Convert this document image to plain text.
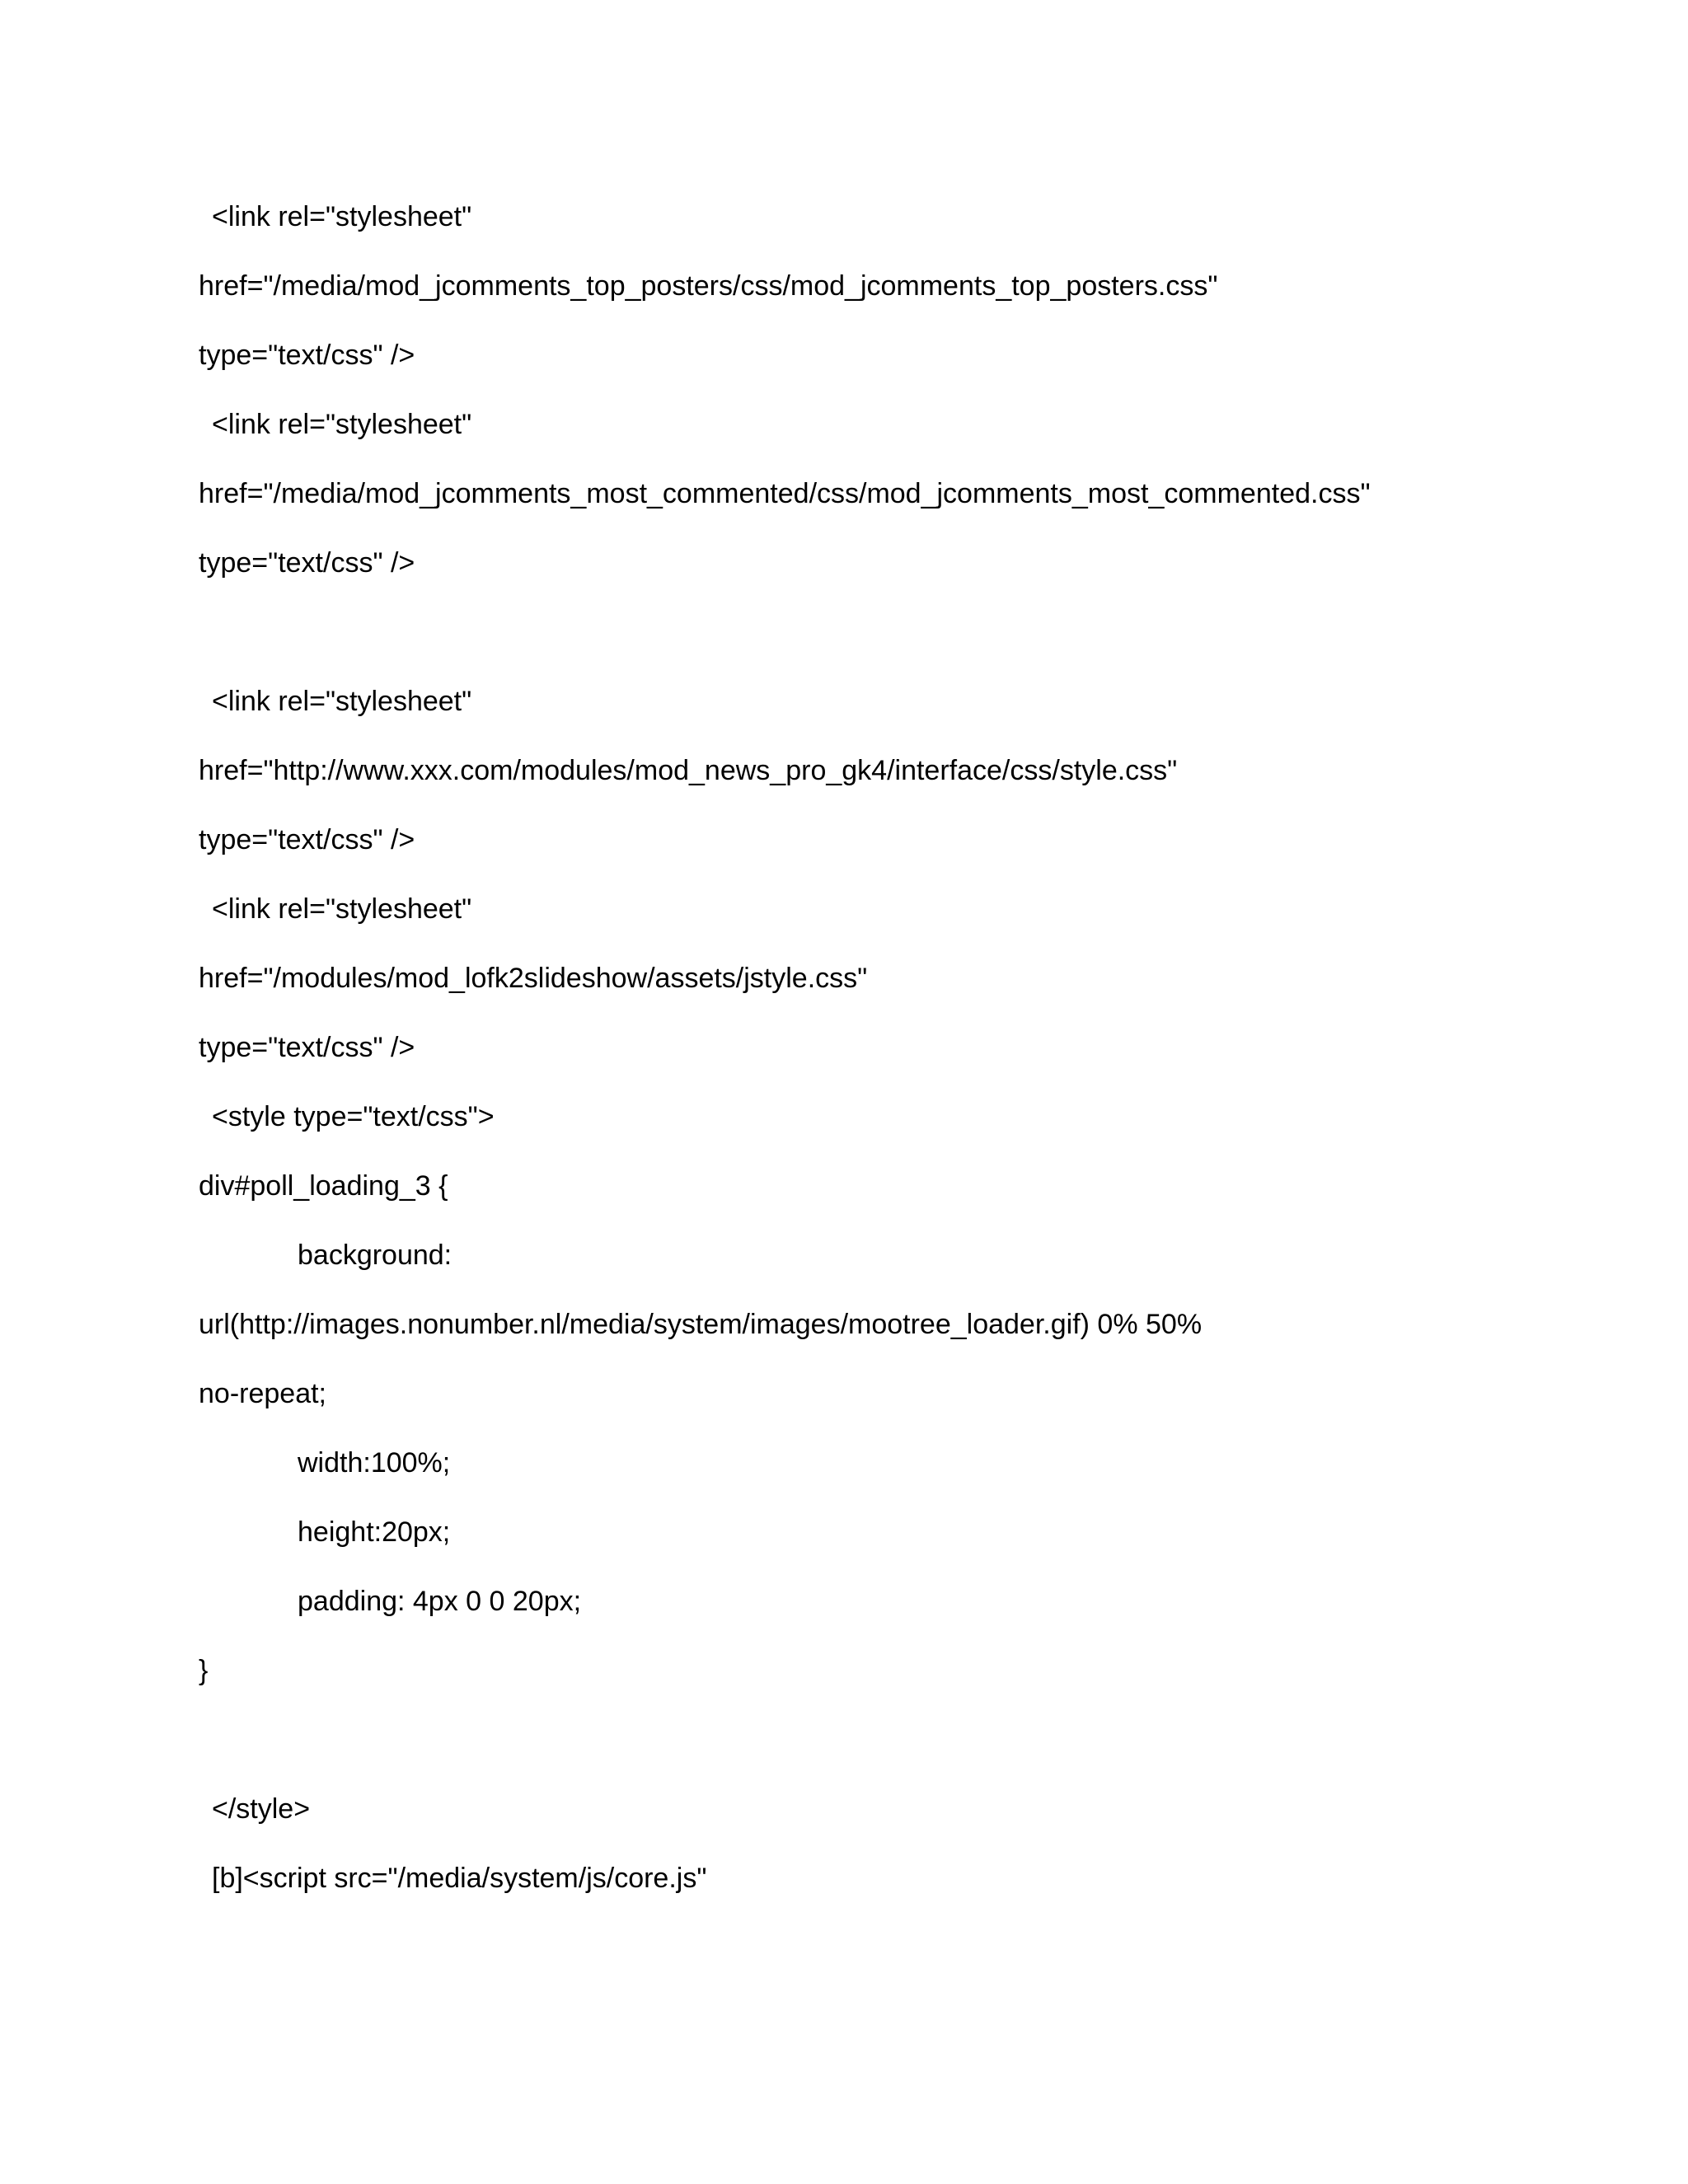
<link rel="stylesheet"
href="/media/mod_jcomments_top_posters/css/mod_jcomments_top_posters.css"
type="text/css" />
<link rel="stylesheet"
href="/media/mod_jcomments_most_commented/css/mod_jcomments_most_commented.css"
type="text/css" />
<link rel="stylesheet"
href="http://www.xxx.com/modules/mod_news_pro_gk4/interface/css/style.css"
type="text/css" />
<link rel="stylesheet"
href="/modules/mod_lofk2slideshow/assets/jstyle.css"
type="text/css" />
<style type="text/css">
div#poll_loading_3 {
background:
url(http://images.nonumber.nl/media/system/images/mootree_loader.gif) 0% 50%
no-repeat;
width:100%;
height:20px;
padding: 4px 0 0 20px;
}
</style>
[b]<script src="/media/system/js/core.js"
